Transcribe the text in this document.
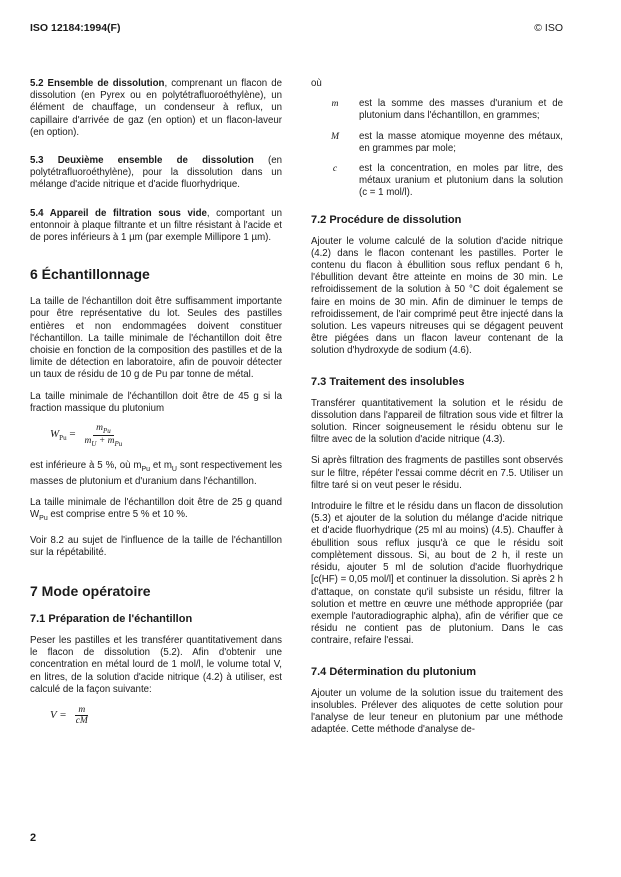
ISO 12184:1994(F)	© ISO

5.2 Ensemble de dissolution, comprenant un flacon de dissolution (en Pyrex ou en polytétrafluoroéthylène), un élément de chauffage, un condenseur à reflux, un capillaire d'arrivée de gaz (en option) et un flacon-laveur (en option).

5.3 Deuxième ensemble de dissolution (en polytétrafluoroéthylène), pour la dissolution dans un mélange d'acide nitrique et d'acide fluorhydrique.

5.4 Appareil de filtration sous vide, comportant un entonnoir à plaque filtrante et un filtre résistant à l'acide et de pores inférieurs à 1 µm (par exemple Millipore 1 µm).

6 Échantillonnage

La taille de l'échantillon doit être suffisamment importante pour être représentative du lot. Seules des pastilles entières et non endommagées doivent constituer l'échantillon. La taille minimale de l'échantillon doit être choisie en fonction de la composition des pastilles et de la limite de détection en laboratoire, afin de pouvoir détecter un taux de résidu de 10 g de Pu par tonne de métal.

La taille minimale de l'échantillon doit être de 45 g si la fraction massique du plutonium

$W_{Pu} = \frac{m_{Pu}}{m_U + m_{Pu}}$

est inférieure à 5 %, où $m_{Pu}$ et $m_U$ sont respectivement les masses de plutonium et d'uranium dans l'échantillon.

La taille minimale de l'échantillon doit être de 25 g quand $W_{Pu}$ est comprise entre 5 % et 10 %.

Voir 8.2 au sujet de l'influence de la taille de l'échantillon sur la répétabilité.

7 Mode opératoire
7.1 Préparation de l'échantillon

Peser les pastilles et les transférer quantitativement dans le flacon de dissolution (5.2). Afin d'obtenir une concentration en métal lourd de 1 mol/l, le volume total V, en litres, de la solution d'acide nitrique (4.2) à utiliser, est calculé de la façon suivante:

$V = \frac{m}{cM}$

où

m	est la somme des masses d'uranium et de plutonium dans l'échantillon, en grammes;
M	est la masse atomique moyenne des métaux, en grammes par mole;
c	est la concentration, en moles par litre, des métaux uranium et plutonium dans la solution (c = 1 mol/l).
7.2 Procédure de dissolution

Ajouter le volume calculé de la solution d'acide nitrique (4.2) dans le flacon contenant les pastilles. Porter le contenu du flacon à ébullition sous reflux pendant 6 h, l'ébullition devant être atteinte en moins de 30 min. Le refroidissement de la solution à 50 °C doit également se faire en moins de 30 min. Afin de diminuer le temps de refroidissement, de l'air comprimé peut être injecté dans la solution. Les vapeurs nitreuses qui se dégagent peuvent être piégées dans un flacon laveur contenant de la solution d'hydroxyde de sodium (4.6).

7.3 Traitement des insolubles

Transférer quantitativement la solution et le résidu de dissolution dans l'appareil de filtration sous vide et filtrer la solution. Rincer soigneusement le résidu obtenu sur le filtre avec de la solution d'acide nitrique (4.3).

Si après filtration des fragments de pastilles sont observés sur le filtre, répéter l'essai comme décrit en 7.5. Utiliser un filtre taré si on veut peser le résidu.

Introduire le filtre et le résidu dans un flacon de dissolution (5.3) et ajouter de la solution du mélange d'acide nitrique et d'acide fluorhydrique (25 ml au moins) (4.5). Chauffer à ébullition sous reflux jusqu'à ce que le résidu soit complètement dissous. Si, au bout de 2 h, il reste un résidu, ajouter 5 ml de solution d'acide fluorhydrique [c(HF) = 0,05 mol/l] et continuer la dissolution. Si après 2 h d'attaque, on constate qu'il subsiste un résidu, filtrer la solution et mettre en œuvre une méthode appropriée (par exemple l'autoradiographic alpha), afin de vérifier que ce résidu ne contient pas de plutonium. Dans le cas contraire, refaire l'essai.

7.4 Détermination du plutonium

Ajouter un volume de la solution issue du traitement des insolubles. Prélever des aliquotes de cette solution pour l'analyse de leur teneur en plutonium par une méthode adaptée. Cette méthode d'analyse de-

2
